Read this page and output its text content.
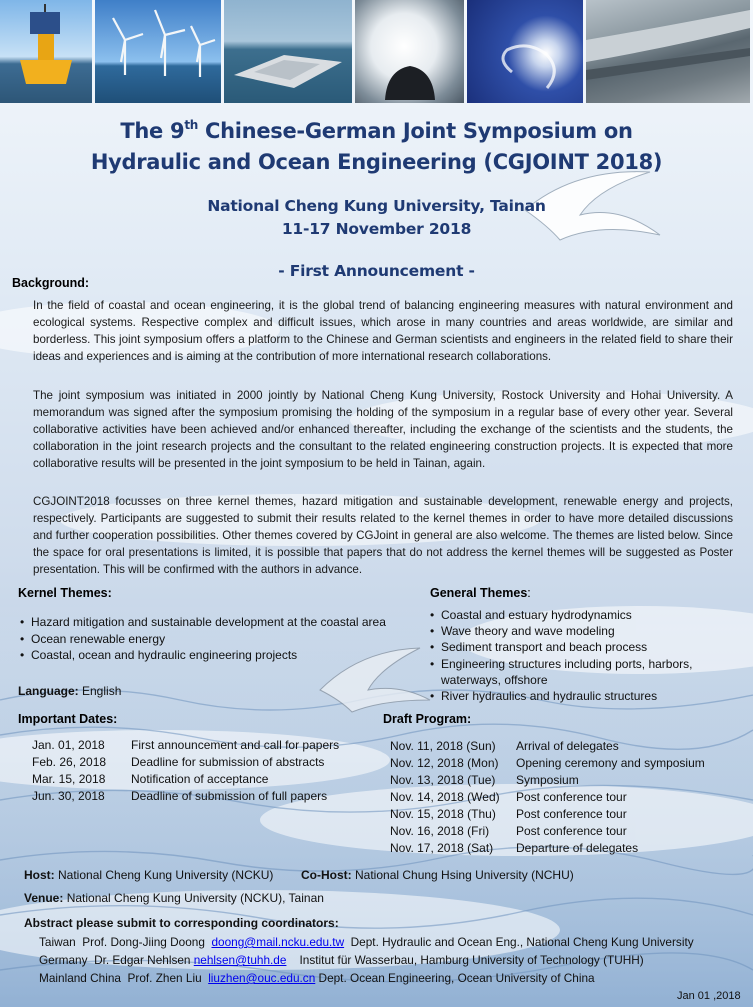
The 9th Chinese-German Joint Symposium on
Hydraulic and Ocean Engineering (CGJOINT 2018)
National Cheng Kung University, Tainan
11-17 November 2018
- First Announcement -
Background:

In the field of coastal and ocean engineering, it is the global trend of balancing engineering measures with natural environment and ecological systems. Respective complex and difficult issues, which arose in many countries and areas worldwide, are similar and borderless. This joint symposium offers a platform to the Chinese and German scientists and engineers in the related field to share their ideas and experiences and is aiming at the contribution of more international research collaborations.

The joint symposium was initiated in 2000 jointly by National Cheng Kung University, Rostock University and Hohai University. A memorandum was signed after the symposium promising the holding of the symposium in a regular base of every other year. Several collaborative activities have been achieved and/or enhanced thereafter, including the exchange of the scientists and the students, the collaboration in the joint research projects and the consultant to the related engineering construction projects. It is expected that more collaborative results will be presented in the joint symposium to be held in Tainan, again.

CGJOINT2018 focusses on three kernel themes, hazard mitigation and sustainable development, renewable energy and projects, respectively. Participants are suggested to submit their results related to the kernel themes in order to have more detailed discussions and further cooperation possibilities. Other themes covered by CGJoint in general are also welcome. The themes are listed below. Since the space for oral presentations is limited, it is possible that papers that do not address the kernel themes will be suggested as Poster presentation. This will be confirmed with the authors in advance.

Kernel Themes:
• Hazard mitigation and sustainable development at the coastal area
• Ocean renewable energy
• Coastal, ocean and hydraulic engineering projects
General Themes:
• Coastal and estuary hydrodynamics
• Wave theory and wave modeling
• Sediment transport and beach process
• Engineering structures including ports, harbors, waterways, offshore
• River hydraulics and hydraulic structures
Language: English
Important Dates:
Jan. 01, 2018	First announcement and call for papers
Feb. 26, 2018	Deadline for submission of abstracts
Mar. 15, 2018	Notification of acceptance
Jun. 30, 2018	Deadline of submission of full papers
Draft Program:
Nov. 11, 2018 (Sun)	Arrival of delegates
Nov. 12, 2018 (Mon)	Opening ceremony and symposium
Nov. 13, 2018 (Tue)	Symposium
Nov. 14, 2018 (Wed)	Post conference tour
Nov. 15, 2018 (Thu)	Post conference tour
Nov. 16, 2018 (Fri)	Post conference tour
Nov. 17, 2018 (Sat)	Departure of delegates
Host: National Cheng Kung University (NCKU) Co-Host: National Chung Hsing University (NCHU)
Venue: National Cheng Kung University (NCKU), Tainan
Abstract please submit to corresponding coordinators:
Taiwan  Prof. Dong-Jiing Doong  doong@mail.ncku.edu.tw  Dept. Hydraulic and Ocean Eng., National Cheng Kung University
Germany  Dr. Edgar Nehlsen nehlsen@tuhh.de    Institut für Wasserbau, Hamburg University of Technology (TUHH)
Mainland China  Prof. Zhen Liu  liuzhen@ouc.edu.cn Dept. Ocean Engineering, Ocean University of China
Jan 01 ,2018
